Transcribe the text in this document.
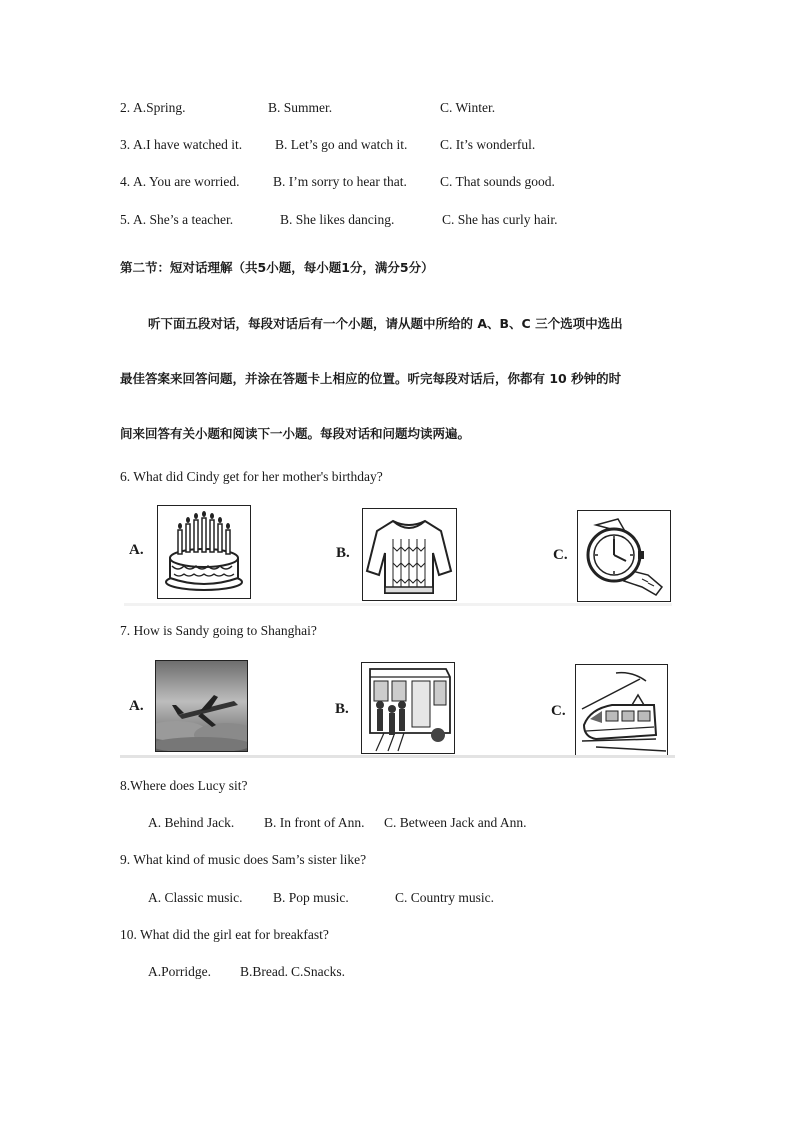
2. A.Spring.	B. Summer.	C. Winter.
3. A.I have watched it. B. Let’s go and watch it. C. It’s wonderful.
4. A. You are worried. B. I’m sorry to hear that. C. That sounds good.
5. A. She’s a teacher.	B. She likes dancing.	C. She has curly hair.
第二节：短对话理解（共5小题，每小题1分，满分5分）
听下面五段对话，每段对话后有一个小题，请从题中所给的 A、B、C 三个选项中选出
最佳答案来回答问题，并涂在答题卡上相应的位置。听完每段对话后，你都有 10 秒钟的时
间来回答有关小题和阅读下一小题。每段对话和问题均读两遍。
6. What did Cindy get for her mother's birthday?
A.	B.	C.
7. How is Sandy going to Shanghai?
A.	B.	C.
8.Where does Lucy sit?
A. Behind Jack. B. In front of Ann. C. Between Jack and Ann.
9. What kind of music does Sam’s sister like?
A. Classic music. B. Pop music.	C. Country music.
10. What did the girl eat for breakfast?
A.Porridge. B.Bread. C.Snacks.
